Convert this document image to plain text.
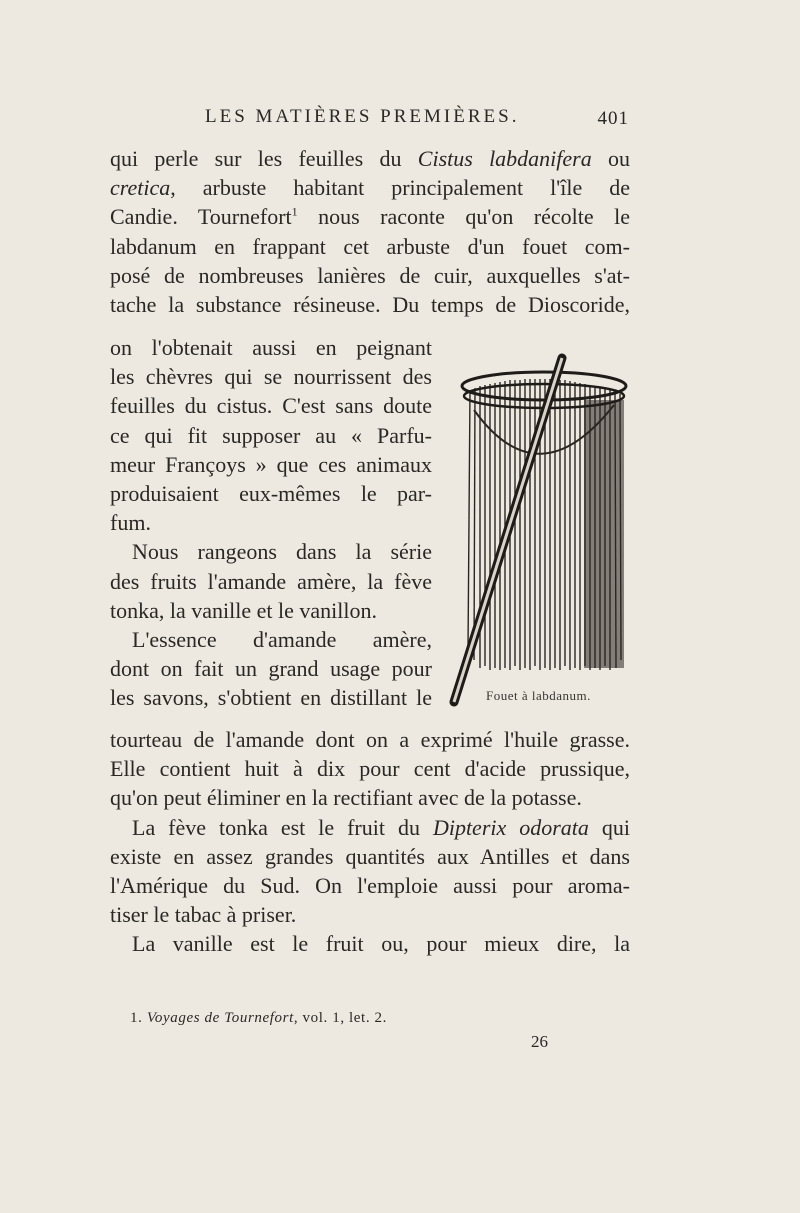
LES MATIÈRES PREMIÈRES.	401
qui perle sur les feuilles du Cistus labdanifera ou
cretica, arbuste habitant principalement l'île de
Candie. Tournefort$^1$ nous raconte qu'on récolte le
labdanum en frappant cet arbuste d'un fouet com-
posé de nombreuses lanières de cuir, auxquelles s'at-
tache la substance résineuse. Du temps de Dioscoride,
on l'obtenait aussi en peignant
les chèvres qui se nourrissent des
feuilles du cistus. C'est sans doute
ce qui fit supposer au « Parfu-
meur Françoys » que ces animaux
produisaient eux-mêmes le par-
fum.
Nous rangeons dans la série
des fruits l'amande amère, la fève
tonka, la vanille et le vanillon.
L'essence d'amande amère,
dont on fait un grand usage pour
les savons, s'obtient en distillant le
tourteau de l'amande dont on a exprimé l'huile grasse.
Elle contient huit à dix pour cent d'acide prussique,
qu'on peut éliminer en la rectifiant avec de la potasse.
La fève tonka est le fruit du Dipterix odorata qui
existe en assez grandes quantités aux Antilles et dans
l'Amérique du Sud. On l'emploie aussi pour aroma-
tiser le tabac à priser.
La vanille est le fruit ou, pour mieux dire, la
Fouet à labdanum.
1. Voyages de Tournefort, vol. 1, let. 2.
26
